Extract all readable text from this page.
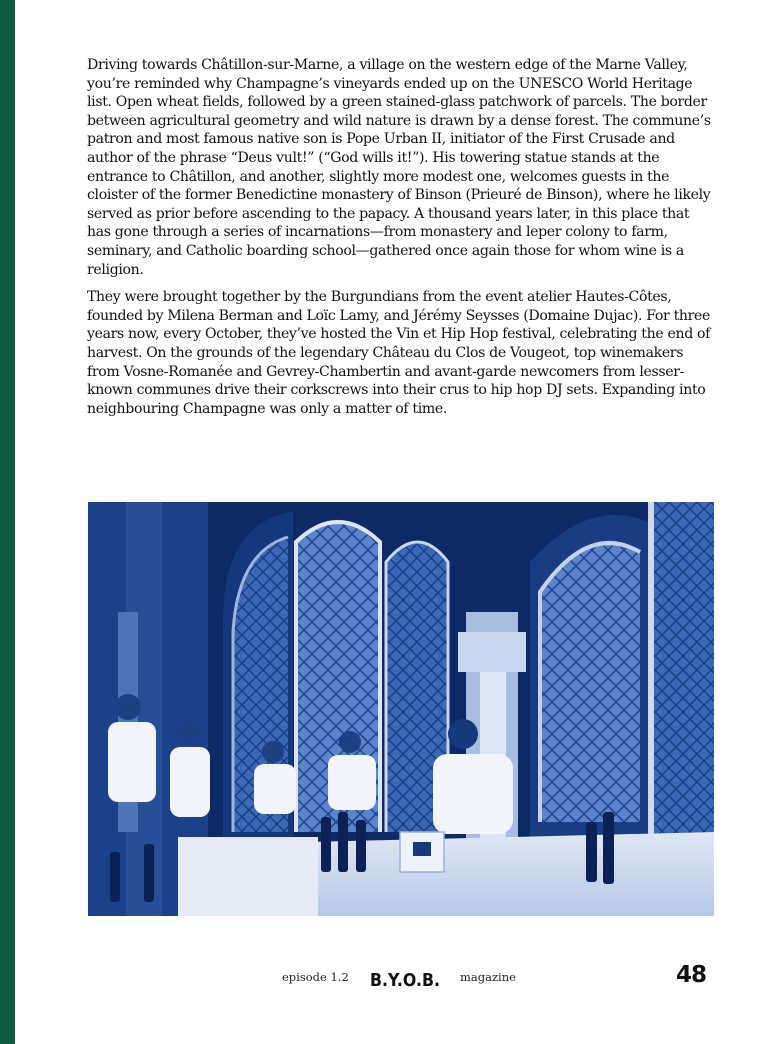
Driving towards Châtillon-sur-Marne, a village on the western edge of the Marne Valley, you’re reminded why Champagne’s vineyards ended up on the UNESCO World Heritage list. Open wheat fields, followed by a green stained-glass patchwork of parcels. The border between agricultural geometry and wild nature is drawn by a dense forest. The commune’s patron and most famous native son is Pope Urban II, initiator of the First Crusade and author of the phrase “Deus vult!” (“God wills it!”). His towering statue stands at the entrance to Châtillon, and another, slightly more modest one, welcomes guests in the cloister of the former Benedictine monastery of Binson (Prieuré de Binson), where he likely served as prior before ascending to the papacy. A thousand years later, in this place that has gone through a series of incarnations—from monastery and leper colony to farm, seminary, and Catholic boarding school—gathered once again those for whom wine is a religion.

They were brought together by the Burgundians from the event atelier Hautes-Côtes, founded by Milena Berman and Loïc Lamy, and Jérémy Seysses (Domaine Dujac). For three years now, every October, they’ve hosted the Vin et Hip Hop festival, celebrating the end of harvest. On the grounds of the legendary Château du Clos de Vougeot, top winemakers from Vosne-Romanée and Gevrey-Chambertin and avant-garde newcomers from lesser-known communes drive their corkscrews into their crus to hip hop DJ sets. Expanding into neighbouring Champagne was only a matter of time.

episode 1.2 B.Y.O.B. magazine	48
